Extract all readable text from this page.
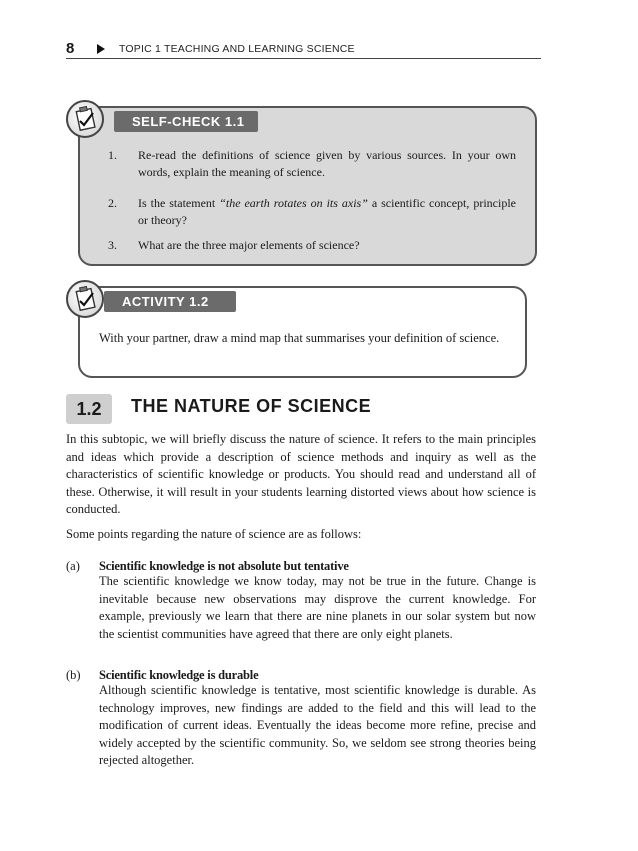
8	TOPIC 1 TEACHING AND LEARNING SCIENCE
SELF-CHECK 1.1
1. Re-read the definitions of science given by various sources. In your own words, explain the meaning of science.
2. Is the statement “the earth rotates on its axis” a scientific concept, principle or theory?
3. What are the three major elements of science?
ACTIVITY 1.2
With your partner, draw a mind map that summarises your definition of science.
1.2	THE NATURE OF SCIENCE
In this subtopic, we will briefly discuss the nature of science. It refers to the main principles and ideas which provide a description of science methods and inquiry as well as the characteristics of scientific knowledge or products. You should read and understand all of these. Otherwise, it will result in your students learning distorted views about how science is conducted.
Some points regarding the nature of science are as follows:
(a) Scientific knowledge is not absolute but tentative
The scientific knowledge we know today, may not be true in the future. Change is inevitable because new observations may disprove the current knowledge. For example, previously we learn that there are nine planets in our solar system but now the scientist communities have agreed that there are only eight planets.
(b) Scientific knowledge is durable
Although scientific knowledge is tentative, most scientific knowledge is durable. As technology improves, new findings are added to the field and this will lead to the modification of current ideas. Eventually the ideas become more refine, precise and widely accepted by the scientific community. So, we seldom see strong theories being rejected altogether.
